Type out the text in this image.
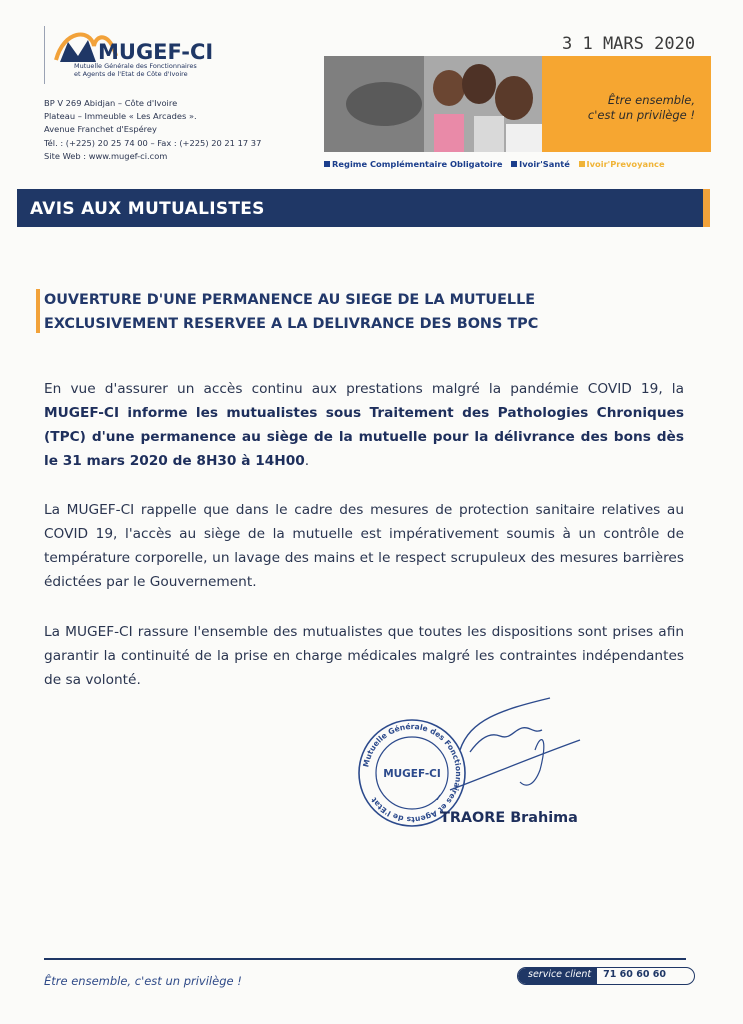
MUGEF-CI
Mutuelle Générale des Fonctionnaires
et Agents de l'Etat de Côte d'Ivoire
BP V 269 Abidjan – Côte d'Ivoire
Plateau – Immeuble « Les Arcades ».
Avenue Franchet d'Espérey
Tél. : (+225) 20 25 74 00 – Fax : (+225) 20 21 17 37
Site Web : www.mugef-ci.com
3 1 MARS 2020
Être ensemble,
c'est un privilège !
Regime Complémentaire Obligatoire Ivoir'Santé Ivoir'Prevoyance
AVIS AUX MUTUALISTES
OUVERTURE D'UNE PERMANENCE AU SIEGE DE LA MUTUELLE
EXCLUSIVEMENT RESERVEE A LA DELIVRANCE DES BONS TPC
En vue d'assurer un accès continu aux prestations malgré la pandémie COVID 19, la MUGEF-CI informe les mutualistes sous Traitement des Pathologies Chroniques (TPC) d'une permanence au siège de la mutuelle pour la délivrance des bons dès le 31 mars 2020 de 8H30 à 14H00.
La MUGEF-CI rappelle que dans le cadre des mesures de protection sanitaire relatives au COVID 19, l'accès au siège de la mutuelle est impérativement soumis à un contrôle de température corporelle, un lavage des mains et le respect scrupuleux des mesures barrières édictées par le Gouvernement.
La MUGEF-CI rassure l'ensemble des mutualistes que toutes les dispositions sont prises afin garantir la continuité de la prise en charge médicales malgré les contraintes indépendantes de sa volonté.
Mutuelle Générale des Fonctionnaires et Agents de l'Etat
MUGEF-CI
TRAORE Brahima
Être ensemble, c'est un privilège !	service client	71 60 60 60
